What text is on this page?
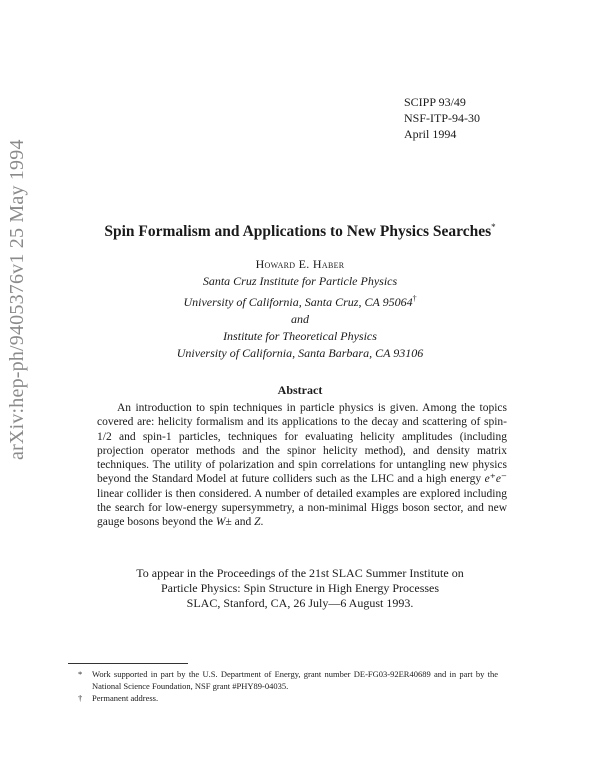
arXiv:hep-ph/9405376v1 25 May 1994
SCIPP 93/49
NSF-ITP-94-30
April 1994
Spin Formalism and Applications to New Physics Searches*
Howard E. Haber
Santa Cruz Institute for Particle Physics
University of California, Santa Cruz, CA 95064†
and
Institute for Theoretical Physics
University of California, Santa Barbara, CA 93106
Abstract
An introduction to spin techniques in particle physics is given. Among the topics covered are: helicity formalism and its applications to the decay and scattering of spin-1/2 and spin-1 particles, techniques for evaluating helicity amplitudes (including projection operator methods and the spinor helicity method), and density matrix techniques. The utility of polarization and spin correlations for untangling new physics beyond the Standard Model at future colliders such as the LHC and a high energy e⁺e⁻ linear collider is then considered. A number of detailed examples are explored including the search for low-energy supersymmetry, a non-minimal Higgs boson sector, and new gauge bosons beyond the W± and Z.
To appear in the Proceedings of the 21st SLAC Summer Institute on
Particle Physics: Spin Structure in High Energy Processes
SLAC, Stanford, CA, 26 July—6 August 1993.
* Work supported in part by the U.S. Department of Energy, grant number DE-FG03-92ER40689 and in part by the National Science Foundation, NSF grant #PHY89-04035.
† Permanent address.
